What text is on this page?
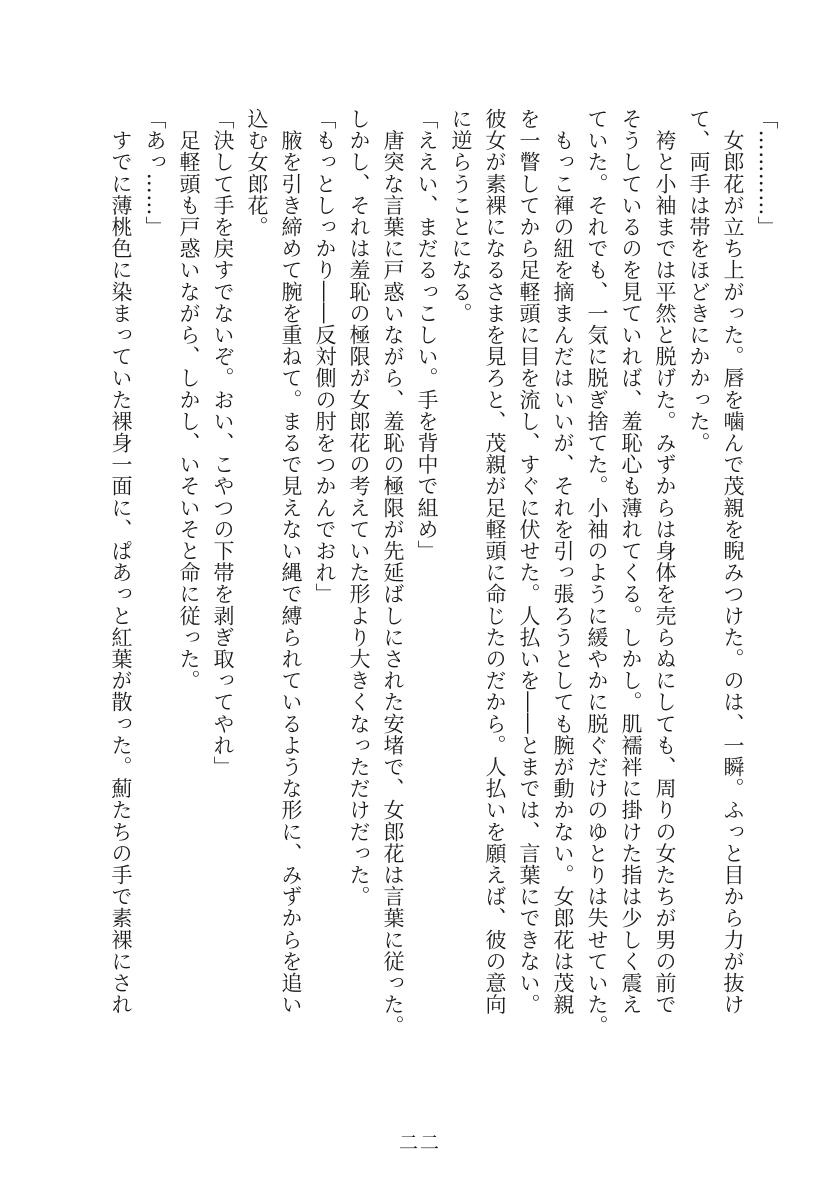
「…………」
　女郎花が立ち上がった。唇を噛んで茂親を睨みつけた。のは、一瞬。ふっと目から力が抜け
て、両手は帯をほどきにかかった。
　袴と小袖までは平然と脱げた。みずからは身体を売らぬにしても、周りの女たちが男の前で
そうしているのを見ていれば、羞恥心も薄れてくる。しかし。肌襦袢に掛けた指は少しく震え
ていた。それでも、一気に脱ぎ捨てた。小袖のように緩やかに脱ぐだけのゆとりは失せていた。
　もっこ褌の紐を摘まんだはいいが、それを引っ張ろうとしても腕が動かない。女郎花は茂親
を一瞥してから足軽頭に目を流し、すぐに伏せた。人払いを――とまでは、言葉にできない。
彼女が素裸になるさまを見ろと、茂親が足軽頭に命じたのだから。人払いを願えば、彼の意向
に逆らうことになる。
「ええい、まだるっこしい。手を背中で組め」
　唐突な言葉に戸惑いながら、羞恥の極限が先延ばしにされた安堵で、女郎花は言葉に従った。
しかし、それは羞恥の極限が女郎花の考えていた形より大きくなっただけだった。
「もっとしっかり――反対側の肘をつかんでおれ」
　腋を引き締めて腕を重ねて。まるで見えない縄で縛られているような形に、みずからを追い
込む女郎花。
「決して手を戻すでないぞ。おい、こやつの下帯を剥ぎ取ってやれ」
　足軽頭も戸惑いながら、しかし、いそいそと命に従った。
「あっ……」
　すでに薄桃色に染まっていた裸身一面に、ぱあっと紅葉が散った。薊たちの手で素裸にされ
二二
